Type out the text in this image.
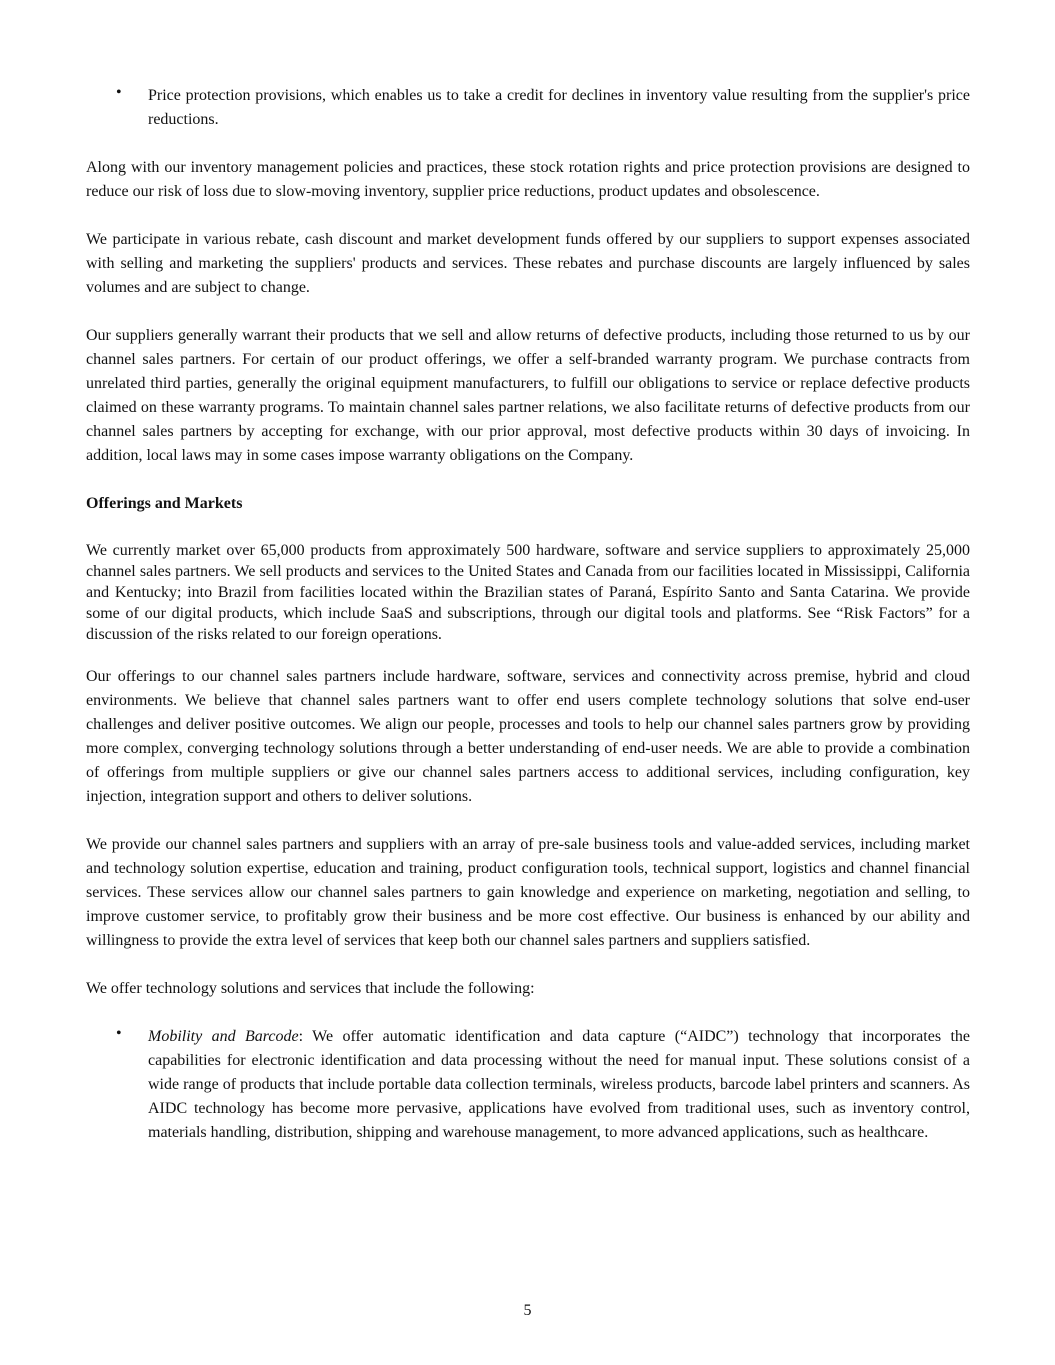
• Price protection provisions, which enables us to take a credit for declines in inventory value resulting from the supplier's price reductions.

Along with our inventory management policies and practices, these stock rotation rights and price protection provisions are designed to reduce our risk of loss due to slow-moving inventory, supplier price reductions, product updates and obsolescence.

We participate in various rebate, cash discount and market development funds offered by our suppliers to support expenses associated with selling and marketing the suppliers' products and services. These rebates and purchase discounts are largely influenced by sales volumes and are subject to change.

Our suppliers generally warrant their products that we sell and allow returns of defective products, including those returned to us by our channel sales partners. For certain of our product offerings, we offer a self-branded warranty program. We purchase contracts from unrelated third parties, generally the original equipment manufacturers, to fulfill our obligations to service or replace defective products claimed on these warranty programs. To maintain channel sales partner relations, we also facilitate returns of defective products from our channel sales partners by accepting for exchange, with our prior approval, most defective products within 30 days of invoicing. In addition, local laws may in some cases impose warranty obligations on the Company.

Offerings and Markets

We currently market over 65,000 products from approximately 500 hardware, software and service suppliers to approximately 25,000 channel sales partners. We sell products and services to the United States and Canada from our facilities located in Mississippi, California and Kentucky; into Brazil from facilities located within the Brazilian states of Paraná, Espírito Santo and Santa Catarina. We provide some of our digital products, which include SaaS and subscriptions, through our digital tools and platforms. See “Risk Factors” for a discussion of the risks related to our foreign operations.

Our offerings to our channel sales partners include hardware, software, services and connectivity across premise, hybrid and cloud environments. We believe that channel sales partners want to offer end users complete technology solutions that solve end-user challenges and deliver positive outcomes. We align our people, processes and tools to help our channel sales partners grow by providing more complex, converging technology solutions through a better understanding of end-user needs. We are able to provide a combination of offerings from multiple suppliers or give our channel sales partners access to additional services, including configuration, key injection, integration support and others to deliver solutions.

We provide our channel sales partners and suppliers with an array of pre-sale business tools and value-added services, including market and technology solution expertise, education and training, product configuration tools, technical support, logistics and channel financial services. These services allow our channel sales partners to gain knowledge and experience on marketing, negotiation and selling, to improve customer service, to profitably grow their business and be more cost effective. Our business is enhanced by our ability and willingness to provide the extra level of services that keep both our channel sales partners and suppliers satisfied.

We offer technology solutions and services that include the following:

• Mobility and Barcode: We offer automatic identification and data capture (“AIDC”) technology that incorporates the capabilities for electronic identification and data processing without the need for manual input. These solutions consist of a wide range of products that include portable data collection terminals, wireless products, barcode label printers and scanners. As AIDC technology has become more pervasive, applications have evolved from traditional uses, such as inventory control, materials handling, distribution, shipping and warehouse management, to more advanced applications, such as healthcare.

5
